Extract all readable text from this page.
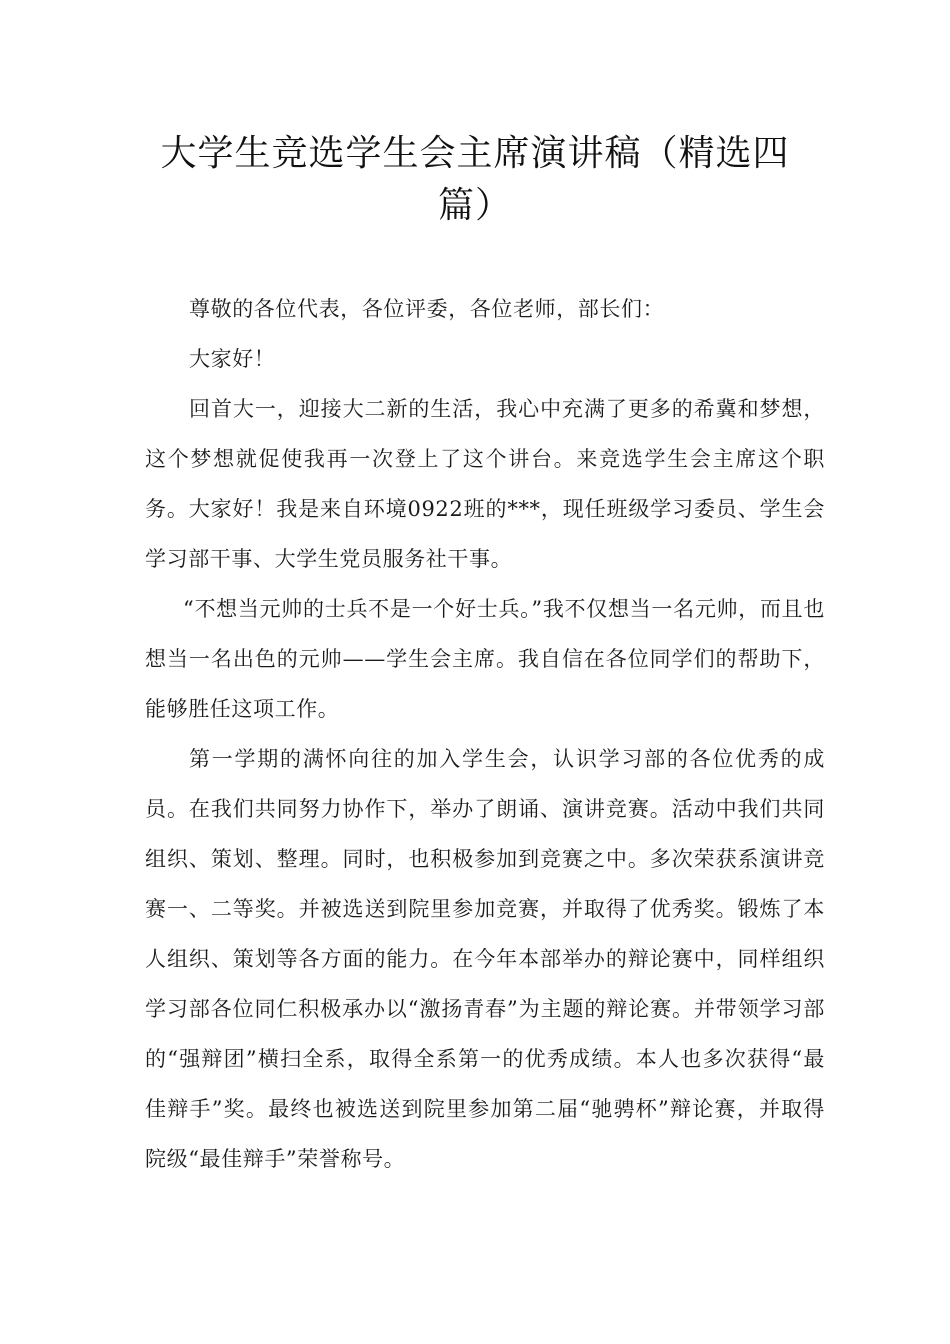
大学生竞选学生会主席演讲稿（精选四
篇）

尊敬的各位代表，各位评委，各位老师，部长们：

大家好！

回首大一，迎接大二新的生活，我心中充满了更多的希冀和梦想，这个梦想就促使我再一次登上了这个讲台。来竞选学生会主席这个职务。大家好！我是来自环境0922班的***，现任班级学习委员、学生会学习部干事、大学生党员服务社干事。

“不想当元帅的士兵不是一个好士兵。”我不仅想当一名元帅，而且也想当一名出色的元帅——学生会主席。我自信在各位同学们的帮助下，能够胜任这项工作。

第一学期的满怀向往的加入学生会，认识学习部的各位优秀的成员。在我们共同努力协作下，举办了朗诵、演讲竞赛。活动中我们共同组织、策划、整理。同时，也积极参加到竞赛之中。多次荣获系演讲竞赛一、二等奖。并被选送到院里参加竞赛，并取得了优秀奖。锻炼了本人组织、策划等各方面的能力。在今年本部举办的辩论赛中，同样组织学习部各位同仁积极承办以“激扬青春”为主题的辩论赛。并带领学习部的“强辩团”横扫全系，取得全系第一的优秀成绩。本人也多次获得“最佳辩手”奖。最终也被选送到院里参加第二届“驰骋杯”辩论赛，并取得院级“最佳辩手”荣誉称号。
